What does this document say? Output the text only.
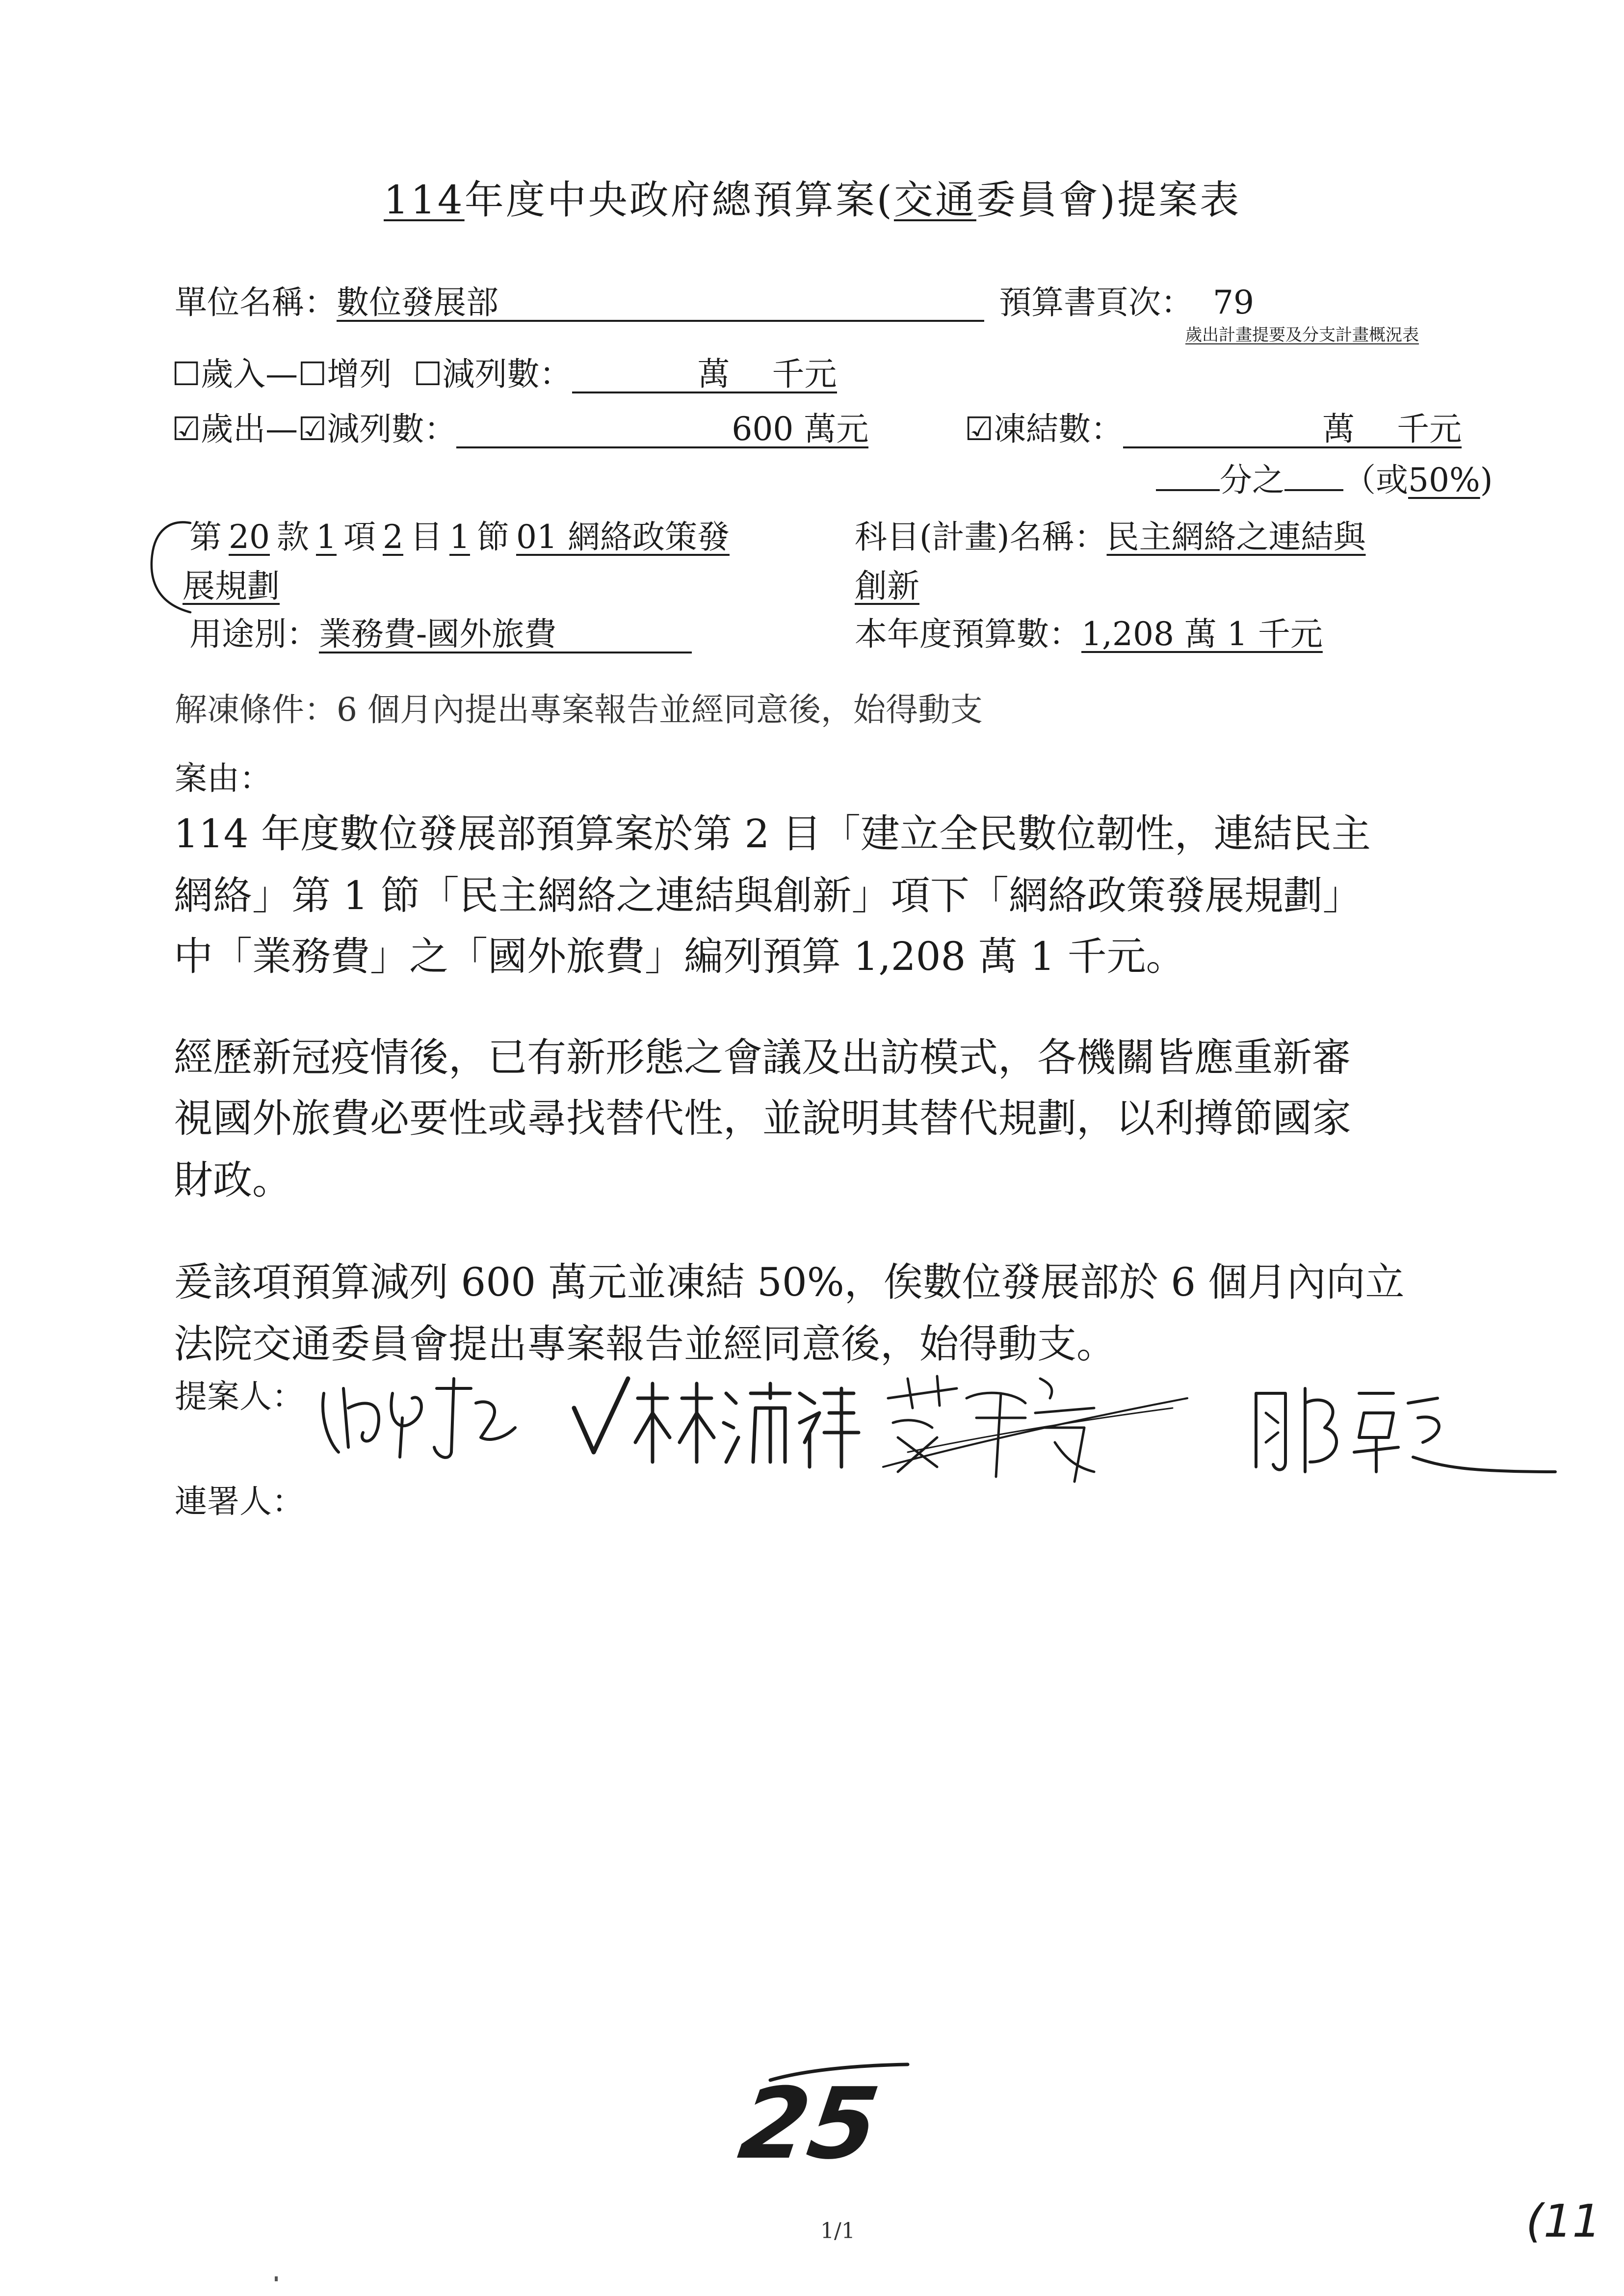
114年度中央政府總預算案(交通委員會)提案表
單位名稱：數位發展部	預算書頁次： 79
歲出計畫提要及分支計畫概況表
☐歲入—☐增列 ☐減列數：	萬 千元
☑歲出—☑減列數：	600 萬元	☑凍結數：	萬 千元
分之 （或50%)
第 20 款 1 項 2 目 1 節 01 網絡政策發
展規劃
科目(計畫)名稱：民主網絡之連結與
創新
用途別：業務費-國外旅費	本年度預算數：1,208 萬 1 千元
解凍條件：6 個月內提出專案報告並經同意後，始得動支
案由：
114 年度數位發展部預算案於第 2 目「建立全民數位韌性，連結民主
網絡」第 1 節「民主網絡之連結與創新」項下「網絡政策發展規劃」
中「業務費」之「國外旅費」編列預算 1,208 萬 1 千元。
經歷新冠疫情後，已有新形態之會議及出訪模式，各機關皆應重新審
視國外旅費必要性或尋找替代性，並說明其替代規劃，以利撙節國家
財政。
爰該項預算減列 600 萬元並凍結 50%，俟數位發展部於 6 個月內向立
法院交通委員會提出專案報告並經同意後，始得動支。
提案人：
連署人：
25
1/1	(11
